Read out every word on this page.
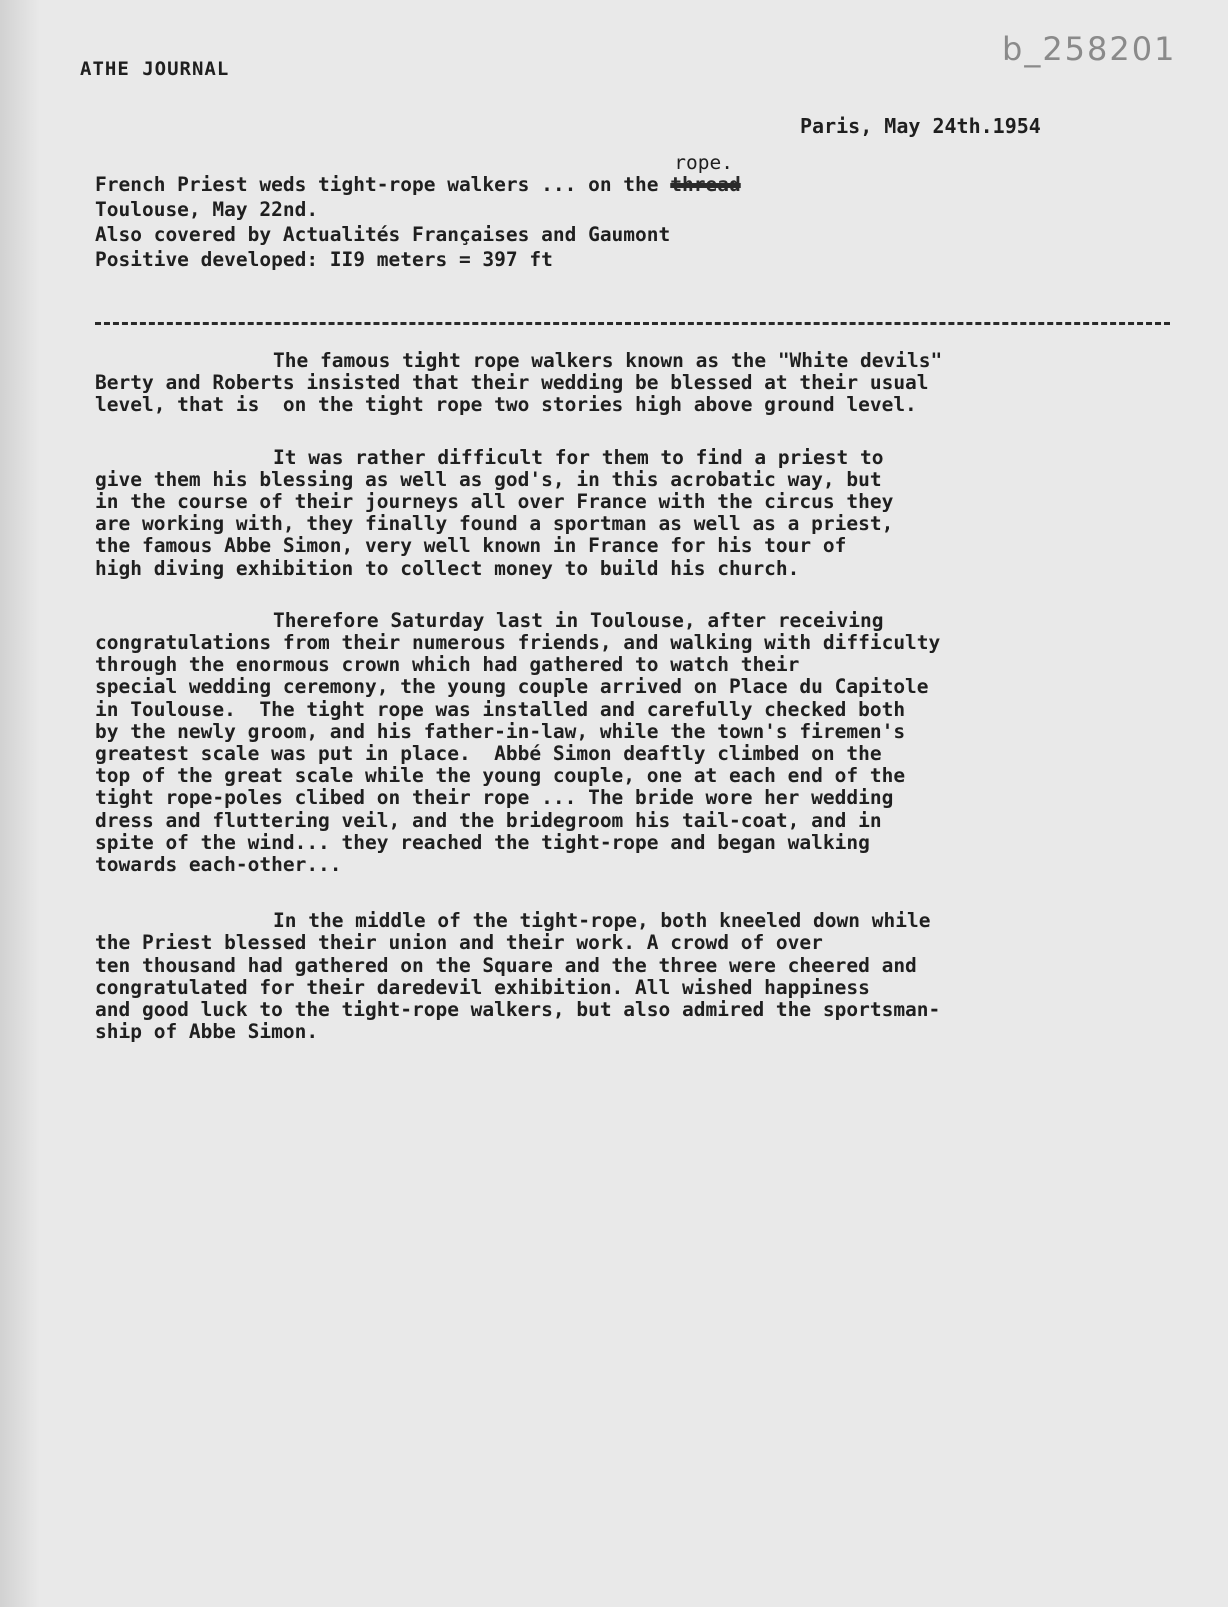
ATHE JOURNAL
b_258201
Paris, May 24th.1954
French Priest weds tight-rope walkers ... on the
rope.
thread
Toulouse, May 22nd.
Also covered by Actualités Françaises and Gaumont
Positive developed: II9 meters = 397 ft
The famous tight rope walkers known as the "White devils"
Berty and Roberts insisted that their wedding be blessed at their usual
level, that is  on the tight rope two stories high above ground level.
It was rather difficult for them to find a priest to
give them his blessing as well as god's, in this acrobatic way, but
in the course of their journeys all over France with the circus they
are working with, they finally found a sportman as well as a priest,
the famous Abbe Simon, very well known in France for his tour of
high diving exhibition to collect money to build his church.
Therefore Saturday last in Toulouse, after receiving
congratulations from their numerous friends, and walking with difficulty
through the enormous crown which had gathered to watch their
special wedding ceremony, the young couple arrived on Place du Capitole
in Toulouse.  The tight rope was installed and carefully checked both
by the newly groom, and his father-in-law, while the town's firemen's
greatest scale was put in place.  Abbé Simon deaftly climbed on the
top of the great scale while the young couple, one at each end of the
tight rope-poles clibed on their rope ... The bride wore her wedding
dress and fluttering veil, and the bridegroom his tail-coat, and in
spite of the wind... they reached the tight-rope and began walking
towards each-other...
In the middle of the tight-rope, both kneeled down while
the Priest blessed their union and their work. A crowd of over
ten thousand had gathered on the Square and the three were cheered and
congratulated for their daredevil exhibition. All wished happiness
and good luck to the tight-rope walkers, but also admired the sportsman-
ship of Abbe Simon.
